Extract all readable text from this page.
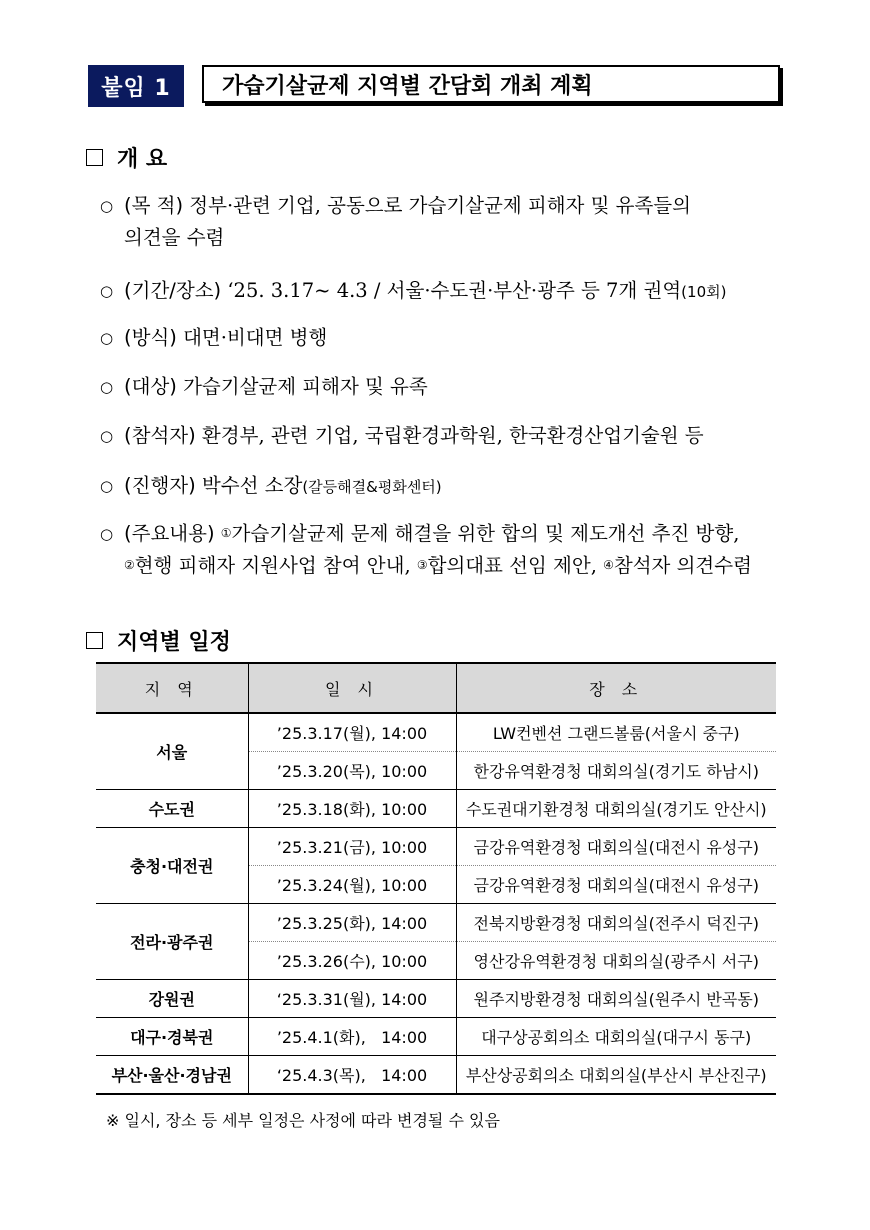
붙임 1	가습기살균제 지역별 간담회 개최 계획
개 요
○ (목 적) 정부·관련 기업, 공동으로 가습기살균제 피해자 및 유족들의
의견을 수렴
○ (기간/장소) ‘25. 3.17~ 4.3 / 서울·수도권·부산·광주 등 7개 권역(10회)
○ (방식) 대면·비대면 병행
○ (대상) 가습기살균제 피해자 및 유족
○ (참석자) 환경부, 관련 기업, 국립환경과학원, 한국환경산업기술원 등
○ (진행자) 박수선 소장(갈등해결&평화센터)
○ (주요내용) ①가습기살균제 문제 해결을 위한 합의 및 제도개선 추진 방향,
②현행 피해자 지원사업 참여 안내, ③합의대표 선임 제안, ④참석자 의견수렴
지역별 일정
지 역	일 시	장 소
서울	’25.3.17(월), 14:00	LW컨벤션 그랜드볼룸(서울시 중구)
	’25.3.20(목), 10:00	한강유역환경청 대회의실(경기도 하남시)
수도권	’25.3.18(화), 10:00	수도권대기환경청 대회의실(경기도 안산시)
충청·대전권	’25.3.21(금), 10:00	금강유역환경청 대회의실(대전시 유성구)
	’25.3.24(월), 10:00	금강유역환경청 대회의실(대전시 유성구)
전라·광주권	’25.3.25(화), 14:00	전북지방환경청 대회의실(전주시 덕진구)
	’25.3.26(수), 10:00	영산강유역환경청 대회의실(광주시 서구)
강원권	‘25.3.31(월), 14:00	원주지방환경청 대회의실(원주시 반곡동)
대구·경북권	’25.4.1(화),   14:00	대구상공회의소 대회의실(대구시 동구)
부산·울산·경남권	‘25.4.3(목),   14:00	부산상공회의소 대회의실(부산시 부산진구)
※ 일시, 장소 등 세부 일정은 사정에 따라 변경될 수 있음
